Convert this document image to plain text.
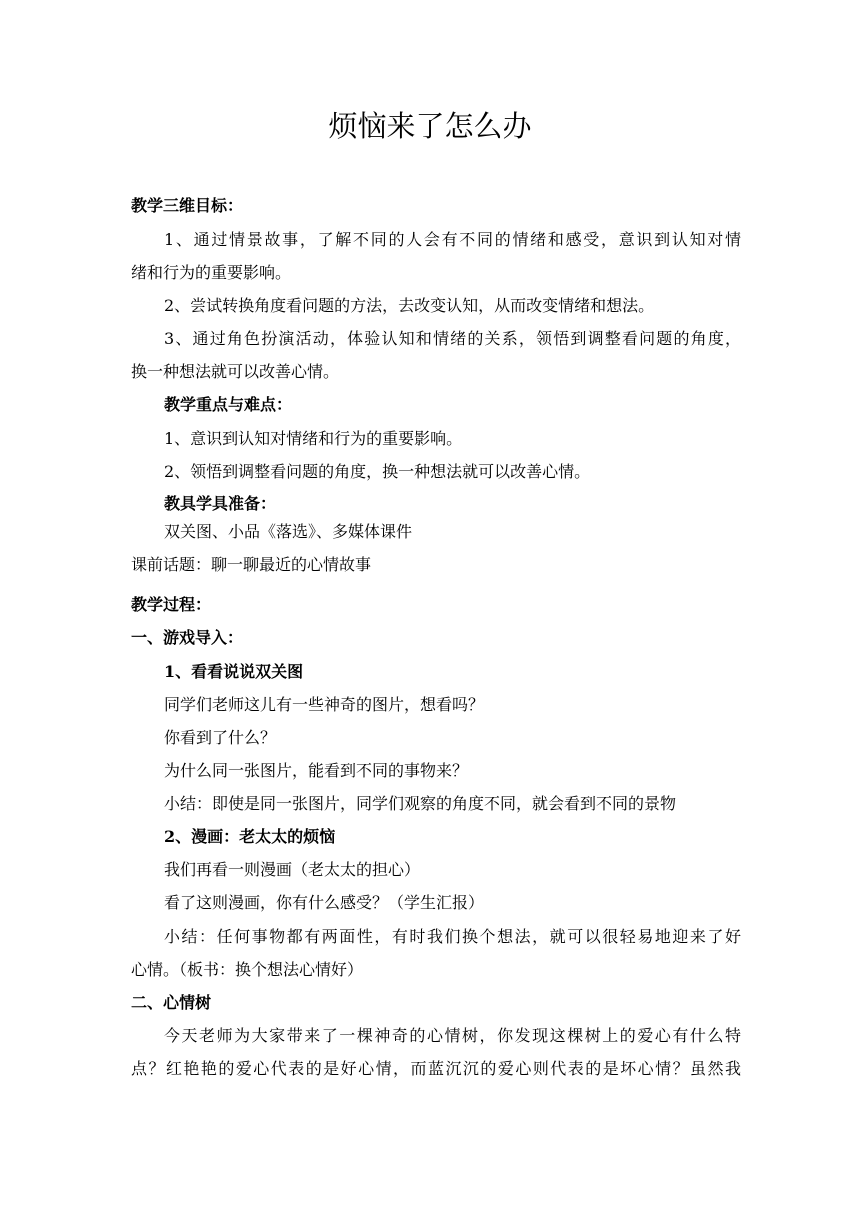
烦恼来了怎么办

教学三维目标：

1、通过情景故事，了解不同的人会有不同的情绪和感受，意识到认知对情

绪和行为的重要影响。

2、尝试转换角度看问题的方法，去改变认知，从而改变情绪和想法。

3、通过角色扮演活动，体验认知和情绪的关系，领悟到调整看问题的角度，

换一种想法就可以改善心情。

教学重点与难点：

1、意识到认知对情绪和行为的重要影响。

2、领悟到调整看问题的角度，换一种想法就可以改善心情。

教具学具准备：

双关图、小品《落选》、多媒体课件

课前话题：聊一聊最近的心情故事

教学过程：

一、游戏导入：

1、看看说说双关图

同学们老师这儿有一些神奇的图片，想看吗？

你看到了什么？

为什么同一张图片，能看到不同的事物来？

小结：即使是同一张图片，同学们观察的角度不同，就会看到不同的景物

2、漫画：老太太的烦恼

我们再看一则漫画（老太太的担心）

看了这则漫画，你有什么感受？（学生汇报）

小结：任何事物都有两面性，有时我们换个想法，就可以很轻易地迎来了好

心情。（板书：换个想法心情好）

二、心情树

今天老师为大家带来了一棵神奇的心情树，你发现这棵树上的爱心有什么特

点？红艳艳的爱心代表的是好心情，而蓝沉沉的爱心则代表的是坏心情？虽然我
